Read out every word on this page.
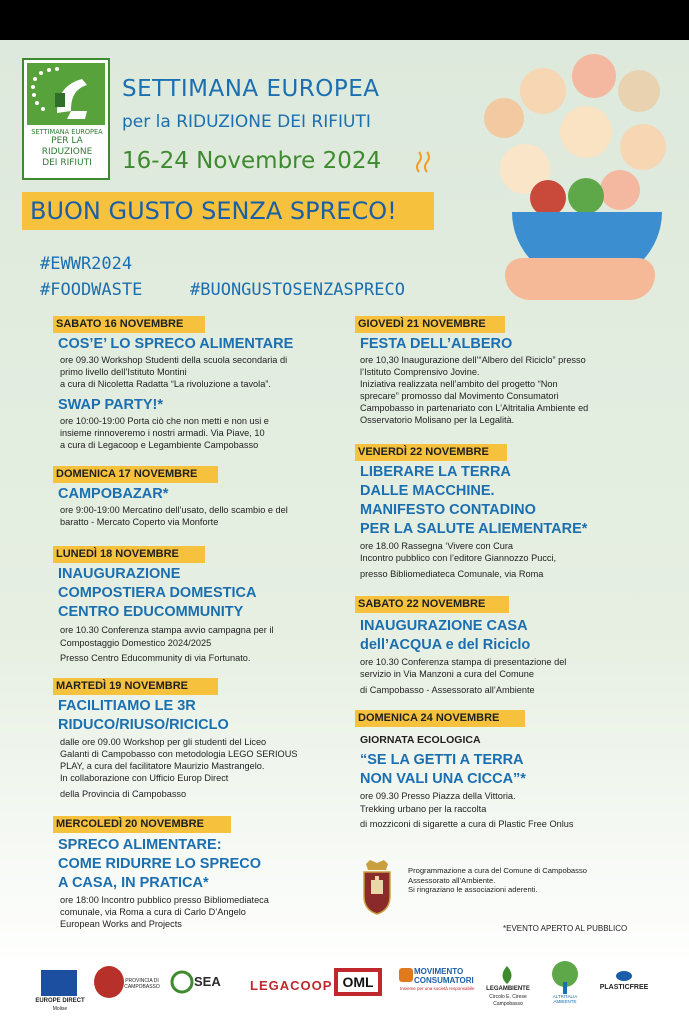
SETTIMANA EUROPEA
PER LA RIDUZIONE
DEI RIFIUTI
SETTIMANA EUROPEA
per la RIDUZIONE DEI RIFIUTI
16-24 Novembre 2024
BUON GUSTO SENZA SPRECO!
#EWWR2024
#FOODWASTE	#BUONGUSTOSENZASPRECO
SABATO 16 NOVEMBRE
COS’E’ LO SPRECO ALIMENTARE
ore 09.30 Workshop Studenti della scuola secondaria di
primo livello dell’Istituto Montini
a cura di Nicoletta Radatta “La rivoluzione a tavola”.
SWAP PARTY!*
ore 10:00-19:00 Porta ciò che non metti e non usi e
insieme rinnoveremo i nostri armadi. Via Piave, 10
a cura di Legacoop e Legambiente Campobasso
DOMENICA 17 NOVEMBRE
CAMPOBAZAR*
ore 9:00-19:00 Mercatino dell’usato, dello scambio e del
baratto - Mercato Coperto via Monforte
LUNEDÌ 18 NOVEMBRE
INAUGURAZIONE
COMPOSTIERA DOMESTICA
CENTRO EDUCOMMUNITY
ore 10.30 Conferenza stampa avvio campagna per il
Compostaggio Domestico 2024/2025
Presso Centro Educommunity di via Fortunato.
MARTEDÌ 19 NOVEMBRE
FACILITIAMO LE 3R
RIDUCO/RIUSO/RICICLO
dalle ore 09.00 Workshop per gli studenti del Liceo
Galanti di Campobasso con metodologia LEGO SERIOUS
PLAY, a cura del facilitatore Maurizio Mastrangelo.
In collaborazione con Ufficio Europ Direct
della Provincia di Campobasso
MERCOLEDÌ 20 NOVEMBRE
SPRECO ALIMENTARE:
COME RIDURRE LO SPRECO
A CASA, IN PRATICA*
ore 18:00 Incontro pubblico presso Bibliomediateca
comunale, via Roma a cura di Carlo D’Angelo
European Works and Projects
GIOVEDÌ 21 NOVEMBRE
FESTA DELL’ALBERO
ore 10,30 Inaugurazione dell’“Albero del Riciclo” presso
l’Istituto Comprensivo Jovine.
Iniziativa realizzata nell’ambito del progetto “Non
sprecare” promosso dal Movimento Consumatori
Campobasso in partenariato con L’Altritalia Ambiente ed
Osservatorio Molisano per la Legalità.
VENERDÌ 22 NOVEMBRE
LIBERARE LA TERRA
DALLE MACCHINE.
MANIFESTO CONTADINO
PER LA SALUTE ALIEMENTARE*
ore 18.00 Rassegna ‘Vivere con Cura
Incontro pubblico con l’editore Giannozzo Pucci,
presso Bibliomediateca Comunale, via Roma
SABATO 22 NOVEMBRE
INAUGURAZIONE CASA
dell’ACQUA e del Riciclo
ore 10.30 Conferenza stampa di presentazione del
servizio in Via Manzoni a cura del Comune
di Campobasso - Assessorato all’Ambiente
DOMENICA 24 NOVEMBRE
GIORNATA ECOLOGICA
“SE LA GETTI A TERRA
NON VALI UNA CICCA”*
ore 09.30 Presso Piazza della Vittoria.
Trekking urbano per la raccolta
di mozziconi di sigarette a cura di Plastic Free Onlus
Programmazione a cura del Comune di Campobasso
Assessorato all’Ambiente.
Si ringraziano le associazioni aderenti.
*EVENTO APERTO AL PUBBLICO
EUROPE DIRECT
Molise
PROVINCIA DI CAMPOBASSO	SEA LEGACOOP OML
MOVIMENTO
CONSUMATORI
Insieme per una società responsabile	LEGAMBIENTE
Circolo E. Cirese
Campobasso
ALTRITALIA AMBIENTE
PLASTICFREE
